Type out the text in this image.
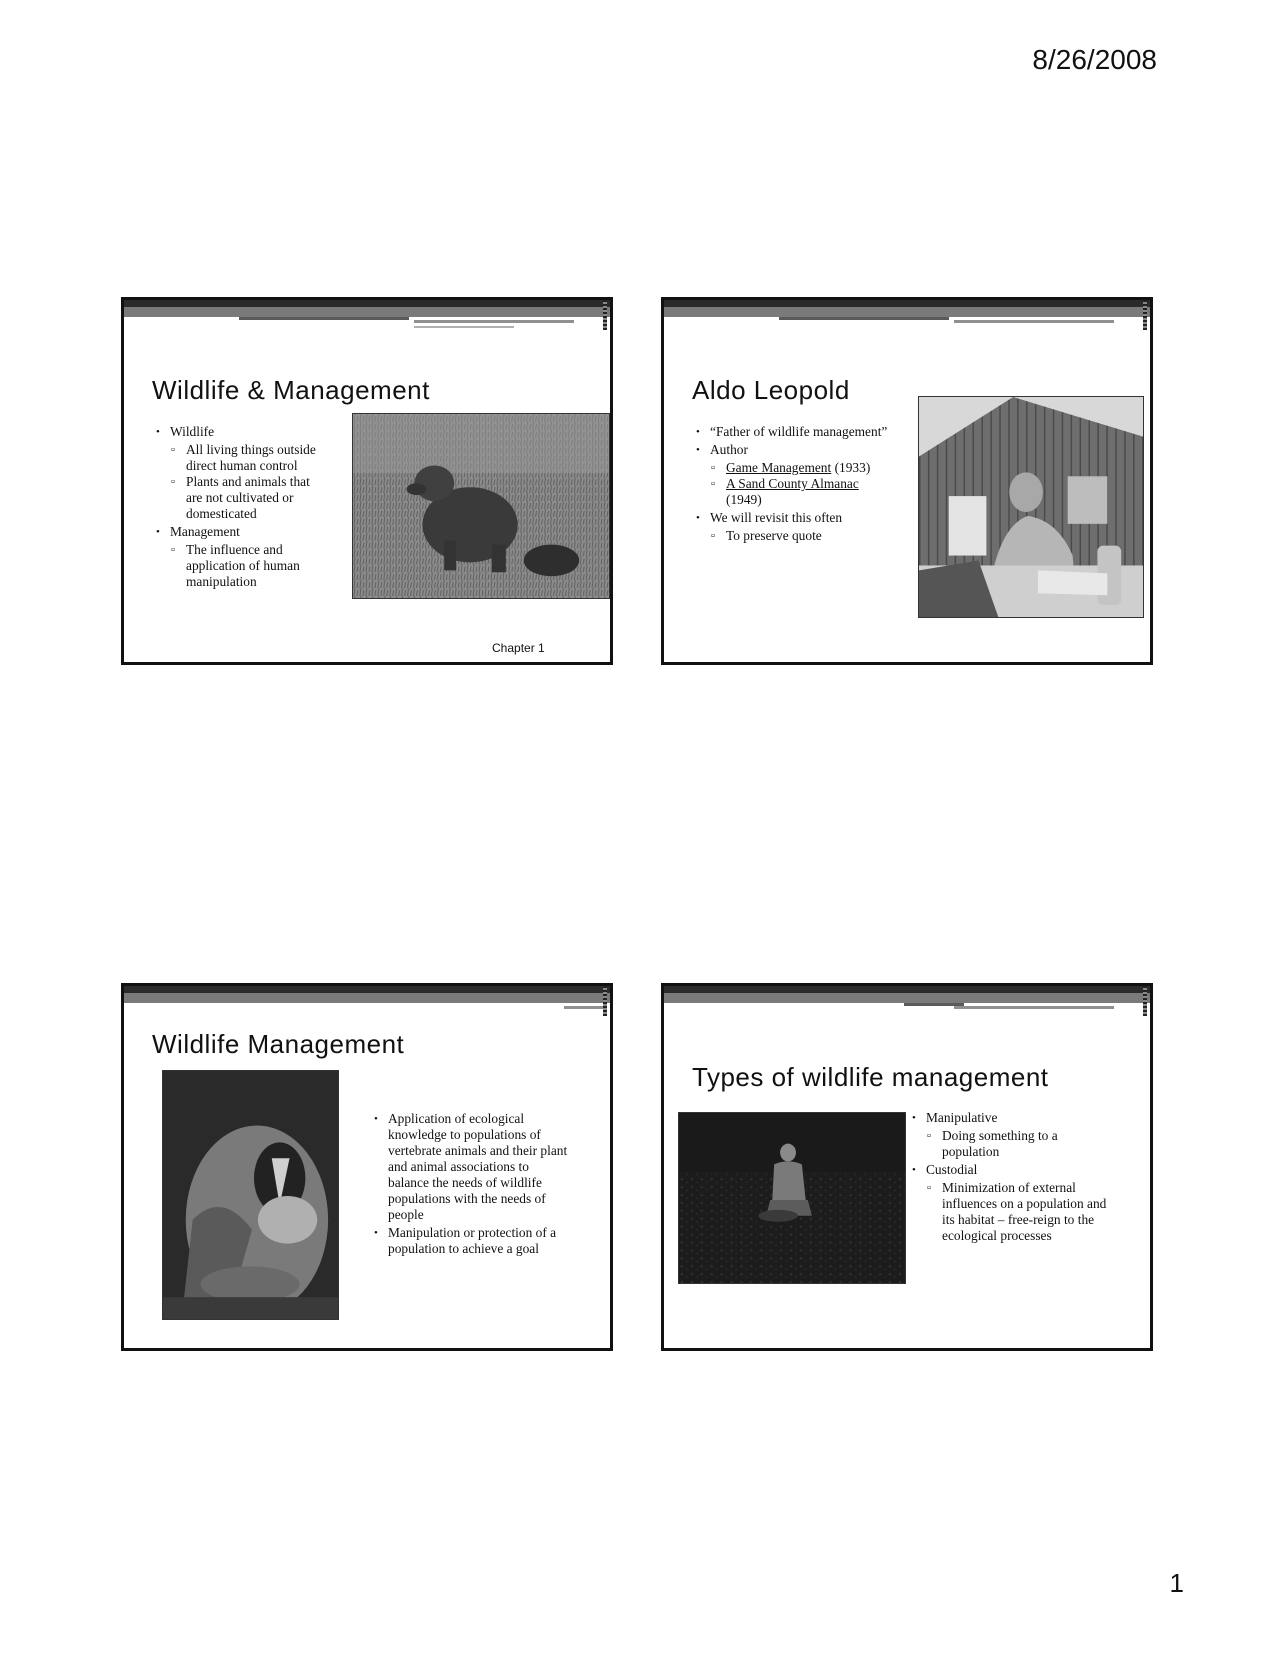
8/26/2008
Wildlife & Management
• Wildlife
▫ All living things outside direct human control
▫ Plants and animals that are not cultivated or domesticated
• Management
▫ The influence and application of human manipulation
Chapter 1
Aldo Leopold
• “Father of wildlife management”
• Author
▫ Game Management (1933)
▫ A Sand County Almanac (1949)
• We will revisit this often
▫ To preserve quote
Wildlife Management
• Application of ecological knowledge to populations of vertebrate animals and their plant and animal associations to balance the needs of wildlife populations with the needs of people
• Manipulation or protection of a population to achieve a goal
Types of wildlife management
• Manipulative
▫ Doing something to a population
• Custodial
▫ Minimization of external influences on a population and its habitat – free-reign to the ecological processes
1
